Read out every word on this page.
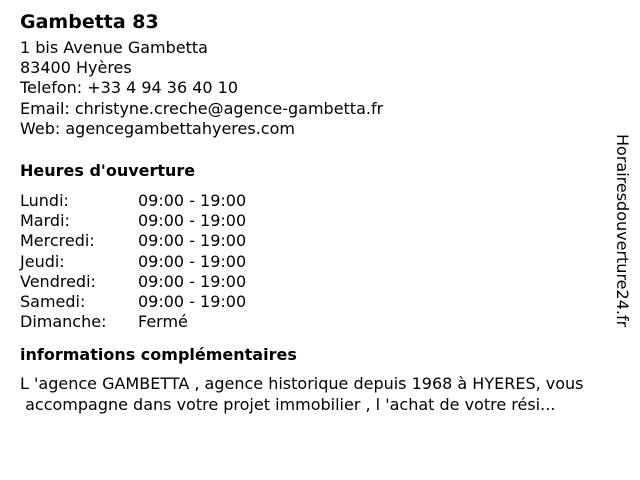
Gambetta 83
1 bis Avenue Gambetta
83400 Hyères
Telefon: +33 4 94 36 40 10
Email: christyne.creche@agence-gambetta.fr
Web: agencegambettahyeres.com
Heures d'ouverture
Lundi:	09:00 - 19:00
Mardi:	09:00 - 19:00
Mercredi:	09:00 - 19:00
Jeudi:	09:00 - 19:00
Vendredi:	09:00 - 19:00
Samedi:	09:00 - 19:00
Dimanche:	Fermé
informations complémentaires
L 'agence GAMBETTA , agence historique depuis 1968 à HYERES, vous
accompagne dans votre projet immobilier , l 'achat de votre rési...
Horairesdouverture24.fr
